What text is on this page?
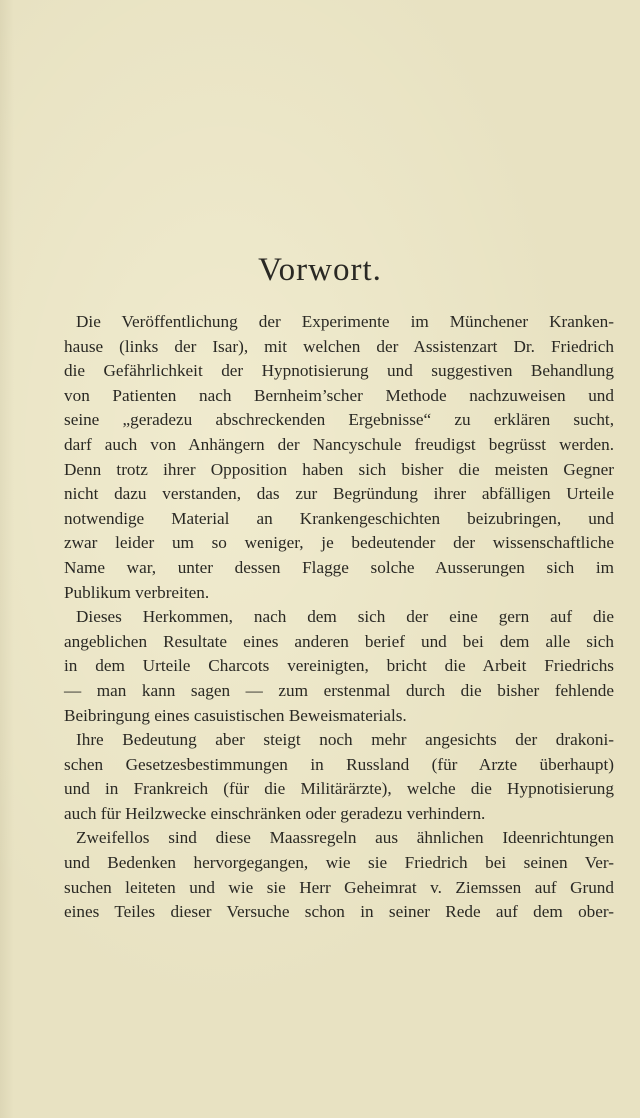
Vorwort.
Die Veröffentlichung der Experimente im Münchener Kranken-
hause (links der Isar), mit welchen der Assistenzart Dr. Friedrich
die Gefährlichkeit der Hypnotisierung und suggestiven Behandlung
von Patienten nach Bernheim’scher Methode nachzuweisen und
seine „geradezu abschreckenden Ergebnisse“ zu erklären sucht,
darf auch von Anhängern der Nancyschule freudigst begrüsst werden.
Denn trotz ihrer Opposition haben sich bisher die meisten Gegner
nicht dazu verstanden, das zur Begründung ihrer abfälligen Urteile
notwendige Material an Krankengeschichten beizubringen, und
zwar leider um so weniger, je bedeutender der wissenschaftliche
Name war, unter dessen Flagge solche Ausserungen sich im
Publikum verbreiten.
Dieses Herkommen, nach dem sich der eine gern auf die
angeblichen Resultate eines anderen berief und bei dem alle sich
in dem Urteile Charcots vereinigten, bricht die Arbeit Friedrichs
— man kann sagen — zum erstenmal durch die bisher fehlende
Beibringung eines casuistischen Beweismaterials.
Ihre Bedeutung aber steigt noch mehr angesichts der drakoni-
schen Gesetzesbestimmungen in Russland (für Arzte überhaupt)
und in Frankreich (für die Militärärzte), welche die Hypnotisierung
auch für Heilzwecke einschränken oder geradezu verhindern.
Zweifellos sind diese Maassregeln aus ähnlichen Ideenrichtungen
und Bedenken hervorgegangen, wie sie Friedrich bei seinen Ver-
suchen leiteten und wie sie Herr Geheimrat v. Ziemssen auf Grund
eines Teiles dieser Versuche schon in seiner Rede auf dem ober-
